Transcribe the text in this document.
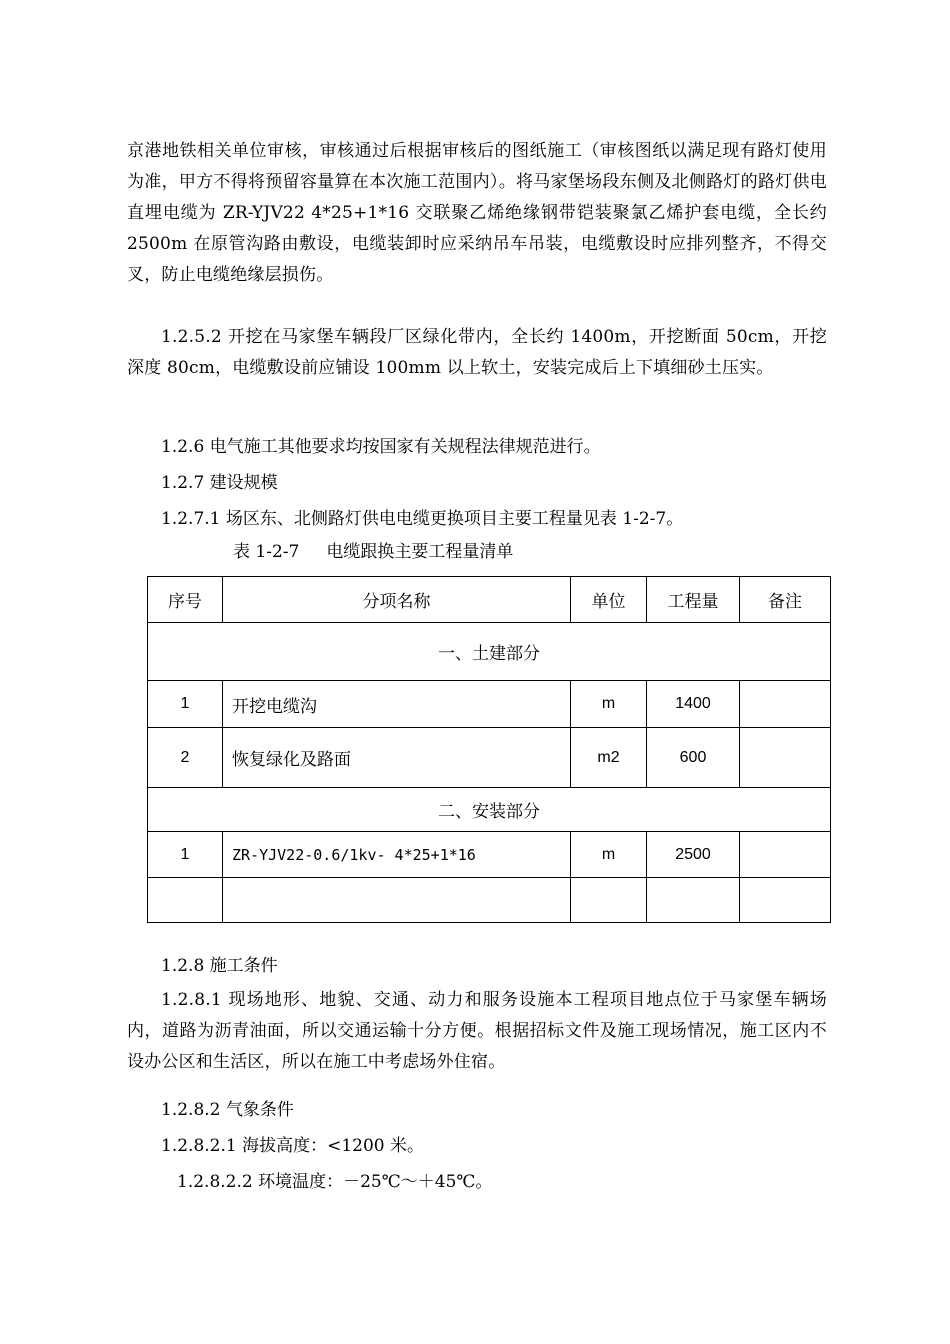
京港地铁相关单位审核，审核通过后根据审核后的图纸施工（审核图纸以满足现有路灯使用为准，甲方不得将预留容量算在本次施工范围内）。将马家堡场段东侧及北侧路灯的路灯供电直埋电缆为 ZR-YJV22 4*25+1*16 交联聚乙烯绝缘钢带铠装聚氯乙烯护套电缆，全长约 2500m 在原管沟路由敷设，电缆装卸时应采纳吊车吊装，电缆敷设时应排列整齐，不得交叉，防止电缆绝缘层损伤。

1.2.5.2 开挖在马家堡车辆段厂区绿化带内，全长约 1400m，开挖断面 50cm，开挖深度 80cm，电缆敷设前应铺设 100mm 以上软土，安装完成后上下填细砂土压实。

1.2.6 电气施工其他要求均按国家有关规程法律规范进行。

1.2.7 建设规模

1.2.7.1 场区东、北侧路灯供电电缆更换项目主要工程量见表 1-2-7。

表 1-2-7     电缆跟换主要工程量清单
序号	分项名称	单位	工程量	备注
一、土建部分				
1	开挖电缆沟	m	1400	
2	恢复绿化及路面	m2	600	
二、安装部分				
1	ZR-YJV22-0.6/1kv- 4*25+1*16	m	2500	

1.2.8 施工条件

1.2.8.1 现场地形、地貌、交通、动力和服务设施本工程项目地点位于马家堡车辆场内，道路为沥青油面，所以交通运输十分方便。根据招标文件及施工现场情况，施工区内不设办公区和生活区，所以在施工中考虑场外住宿。

1.2.8.2 气象条件

1.2.8.2.1 海拔高度：<1200 米。

1.2.8.2.2 环境温度：－25℃～＋45℃。
